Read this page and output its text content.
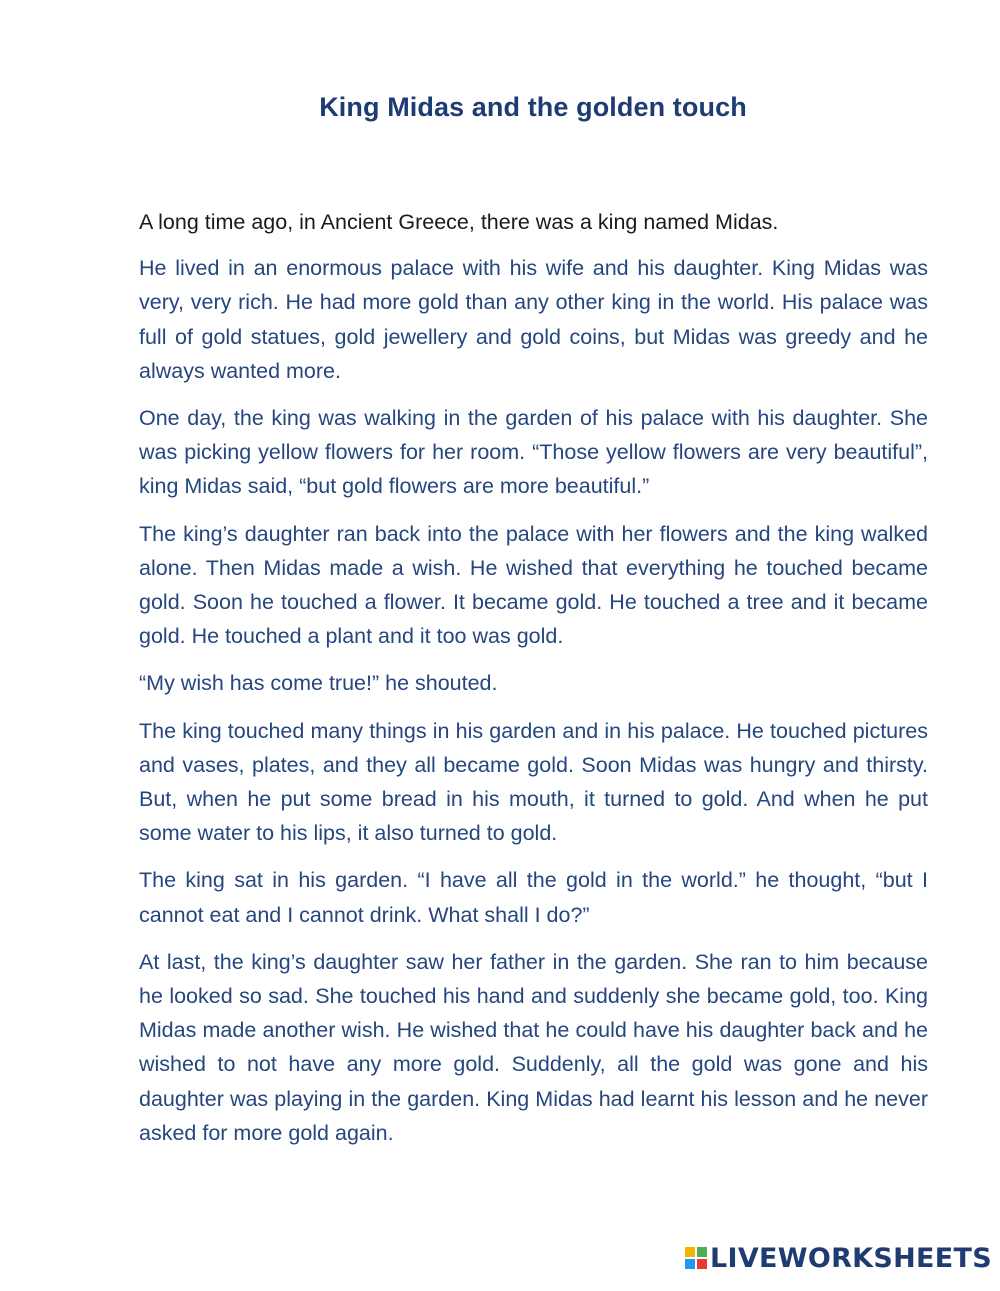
King Midas and the golden touch

A long time ago, in Ancient Greece, there was a king named Midas.

He lived in an enormous palace with his wife and his daughter. King Midas was very, very rich. He had more gold than any other king in the world. His palace was full of gold statues, gold jewellery and gold coins, but Midas was greedy and he always wanted more.

One day, the king was walking in the garden of his palace with his daughter. She was picking yellow flowers for her room. “Those yellow flowers are very beautiful”, king Midas said, “but gold flowers are more beautiful.”

The king’s daughter ran back into the palace with her flowers and the king walked alone. Then Midas made a wish. He wished that everything he touched became gold. Soon he touched a flower. It became gold. He touched a tree and it became gold. He touched a plant and it too was gold.

“My wish has come true!” he shouted.

The king touched many things in his garden and in his palace. He touched pictures and vases, plates, and they all became gold. Soon Midas was hungry and thirsty. But, when he put some bread in his mouth, it turned to gold. And when he put some water to his lips, it also turned to gold.

The king sat in his garden. “I have all the gold in the world.” he thought, “but I cannot eat and I cannot drink. What shall I do?”

At last, the king’s daughter saw her father in the garden. She ran to him because he looked so sad. She touched his hand and suddenly she became gold, too. King Midas made another wish. He wished that he could have his daughter back and he wished to not have any more gold. Suddenly, all the gold was gone and his daughter was playing in the garden. King Midas had learnt his lesson and he never asked for more gold again.

LIVEWORKSHEETS
